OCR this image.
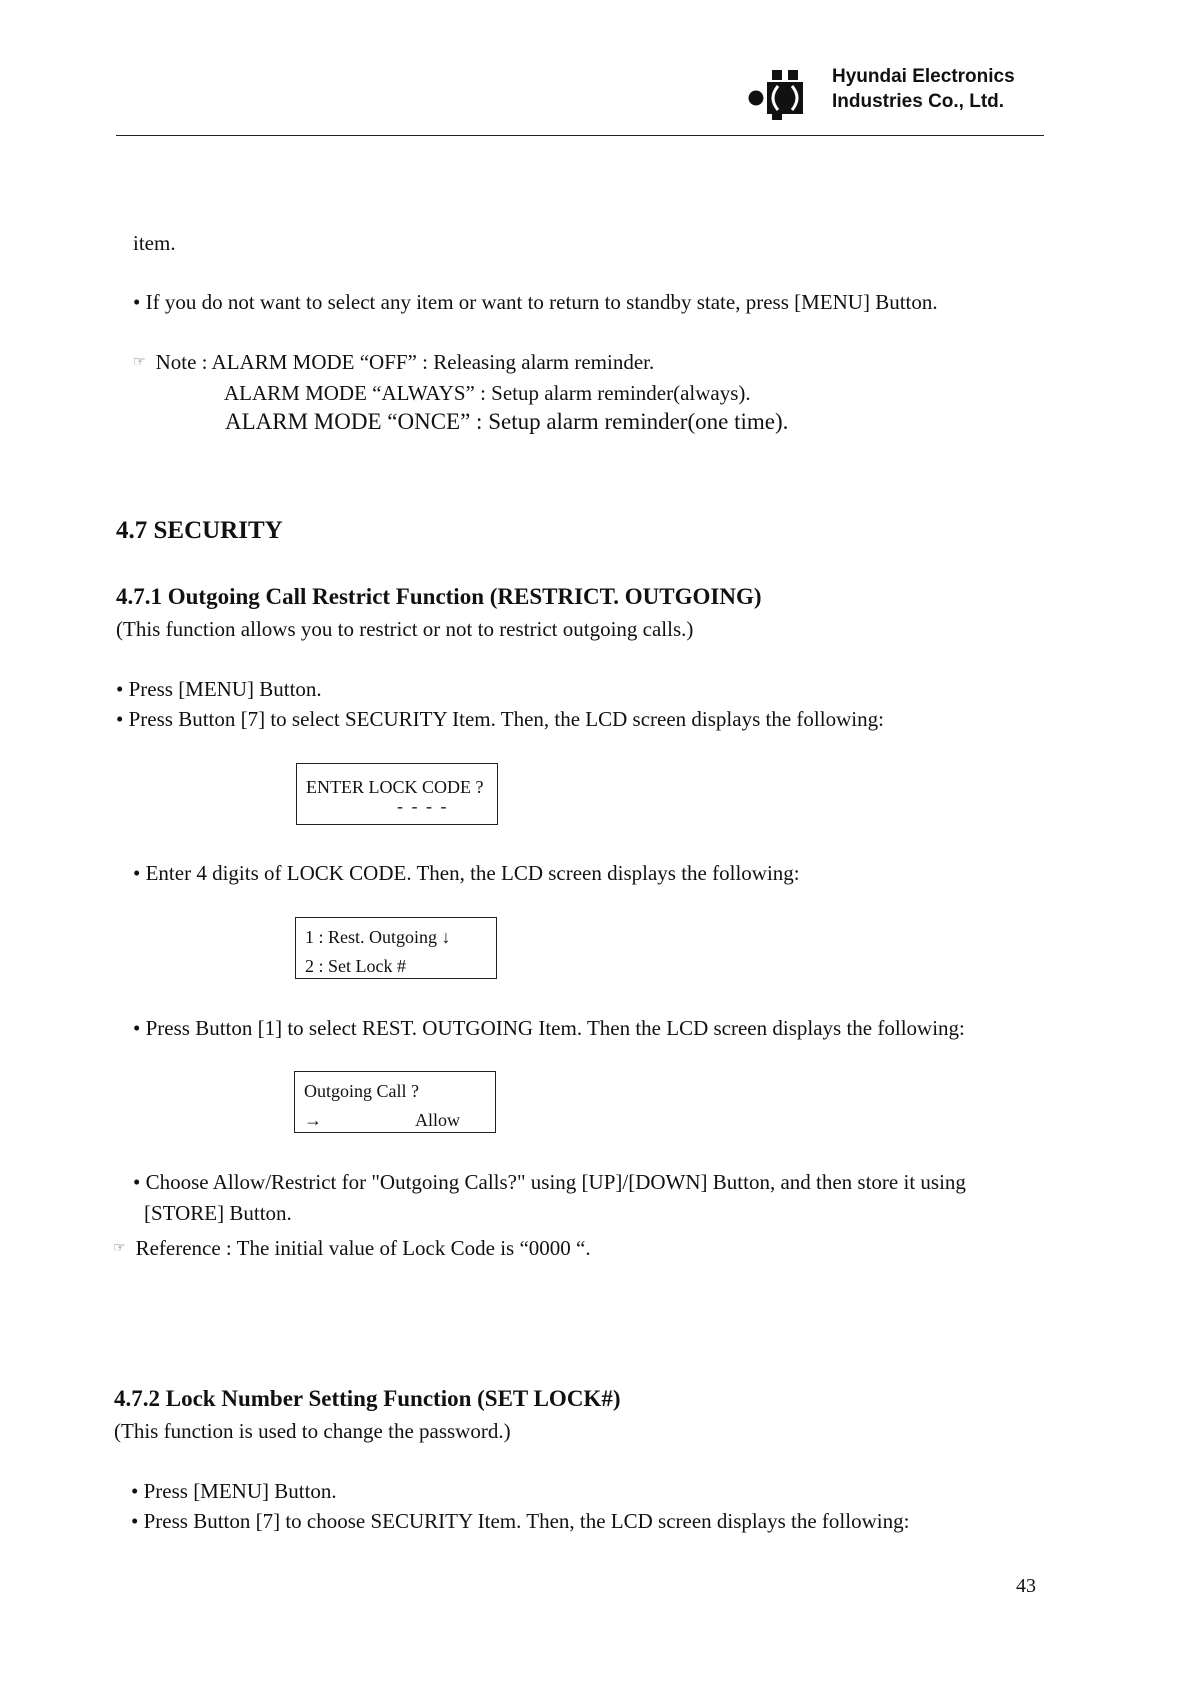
Hyundai Electronics
Industries Co., Ltd.
item.
• If you do not want to select any item or want to return to standby state, press [MENU] Button.
☞ Note : ALARM MODE “OFF” : Releasing alarm reminder.
ALARM MODE “ALWAYS” : Setup alarm reminder(always).
ALARM MODE “ONCE” : Setup alarm reminder(one time).
4.7 SECURITY
4.7.1 Outgoing Call Restrict Function (RESTRICT. OUTGOING)
(This function allows you to restrict or not to restrict outgoing calls.)
• Press [MENU] Button.
• Press Button [7] to select SECURITY Item. Then, the LCD screen displays the following:
ENTER LOCK CODE ?
- - - -
• Enter 4 digits of LOCK CODE. Then, the LCD screen displays the following:
1 : Rest. Outgoing ↓
2 : Set Lock #
• Press Button [1] to select REST. OUTGOING Item. Then the LCD screen displays the following:
Outgoing Call ?
→	Allow
• Choose Allow/Restrict for "Outgoing Calls?" using [UP]/[DOWN] Button, and then store it using
[STORE] Button.
☞ Reference : The initial value of Lock Code is “0000 “.
4.7.2 Lock Number Setting Function (SET LOCK#)
(This function is used to change the password.)
• Press [MENU] Button.
• Press Button [7] to choose SECURITY Item. Then, the LCD screen displays the following:
43
